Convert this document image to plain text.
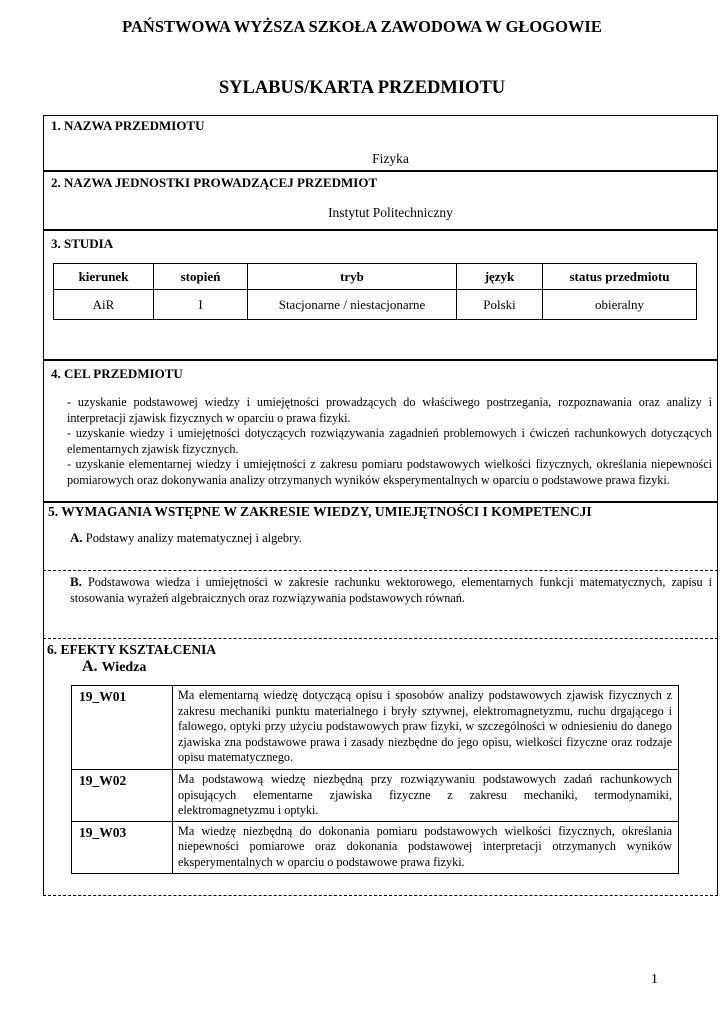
PAŃSTWOWA WYŻSZA SZKOŁA ZAWODOWA W GŁOGOWIE
SYLABUS/KARTA PRZEDMIOTU
1. NAZWA PRZEDMIOTU
Fizyka
2. NAZWA JEDNOSTKI PROWADZĄCEJ PRZEDMIOT
Instytut Politechniczny
3. STUDIA
kierunek	stopień	tryb	język	status przedmiotu
AiR	I	Stacjonarne / niestacjonarne	Polski	obieralny
4. CEL PRZEDMIOTU
- uzyskanie podstawowej wiedzy i umiejętności prowadzących do właściwego postrzegania, rozpoznawania oraz analizy i interpretacji zjawisk fizycznych w oparciu o prawa fizyki.
- uzyskanie wiedzy i umiejętności dotyczących rozwiązywania zagadnień problemowych i ćwiczeń rachunkowych dotyczących elementarnych zjawisk fizycznych.
- uzyskanie elementarnej wiedzy i umiejętności z zakresu pomiaru podstawowych wielkości fizycznych, określania niepewności pomiarowych oraz dokonywania analizy otrzymanych wyników eksperymentalnych w oparciu o podstawowe prawa fizyki.
5. WYMAGANIA WSTĘPNE W ZAKRESIE WIEDZY, UMIEJĘTNOŚCI I KOMPETENCJI
A. Podstawy analizy matematycznej i algebry.
B. Podstawowa wiedza i umiejętności w zakresie rachunku wektorowego, elementarnych funkcji matematycznych, zapisu i stosowania wyrażeń algebraicznych oraz rozwiązywania podstawowych równań.
6. EFEKTY KSZTAŁCENIA
A. Wiedza
19_W01	Ma elementarną wiedzę dotyczącą opisu i sposobów analizy podstawowych zjawisk fizycznych z zakresu mechaniki punktu materialnego i bryły sztywnej, elektromagnetyzmu, ruchu drgającego i falowego, optyki przy użyciu podstawowych praw fizyki, w szczególności w odniesieniu do danego zjawiska zna podstawowe prawa i zasady niezbędne do jego opisu, wielkości fizyczne oraz rodzaje opisu matematycznego.
19_W02	Ma podstawową wiedzę niezbędną przy rozwiązywaniu podstawowych zadań rachunkowych opisujących elementarne zjawiska fizyczne z zakresu mechaniki, termodynamiki, elektromagnetyzmu i optyki.
19_W03	Ma wiedzę niezbędną do dokonania pomiaru podstawowych wielkości fizycznych, określania niepewności pomiarowe oraz dokonania podstawowej interpretacji otrzymanych wyników eksperymentalnych w oparciu o podstawowe prawa fizyki.
1
